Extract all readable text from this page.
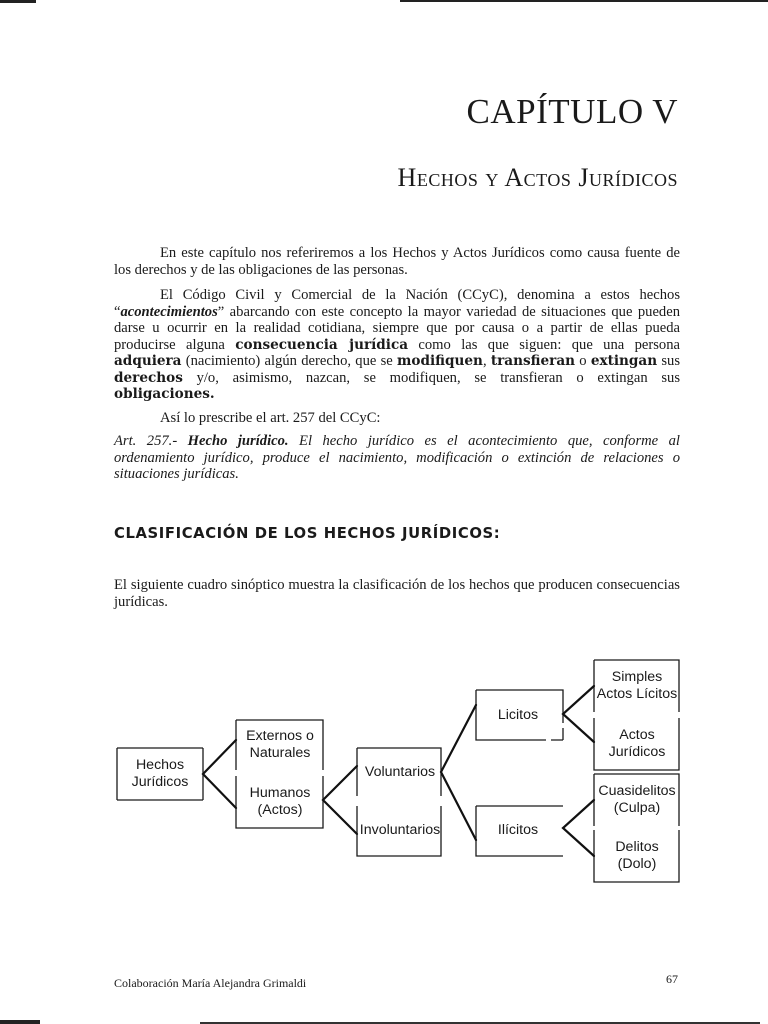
CAPÍTULO V
Hechos y Actos Jurídicos

En este capítulo nos referiremos a los Hechos y Actos Jurídicos como causa fuente de los derechos y de las obligaciones de las personas.

El Código Civil y Comercial de la Nación (CCyC), denomina a estos hechos “acontecimientos” abarcando con este concepto la mayor variedad de situaciones que pueden darse u ocurrir en la realidad cotidiana, siempre que por causa o a partir de ellas pueda producirse alguna consecuencia jurídica como las que siguen: que una persona adquiera (nacimiento) algún derecho, que se modifiquen, transfieran o extingan sus derechos y/o, asimismo, nazcan, se modifiquen, se transfieran o extingan sus obligaciones.

Así lo prescribe el art. 257 del CCyC:

Art. 257.- Hecho jurídico. El hecho jurídico es el acontecimiento que, conforme al ordenamiento jurídico, produce el nacimiento, modificación o extinción de relaciones o situaciones jurídicas.

CLASIFICACIÓN DE LOS HECHOS JURÍDICOS:

El siguiente cuadro sinóptico muestra la clasificación de los hechos que producen consecuencias jurídicas.

Hechos Jurídicos
Externos o Naturales
Humanos (Actos)
Voluntarios
Involuntarios
Licitos
Ilícitos
Simples Actos Lícitos
Actos Jurídicos
Cuasidelitos (Culpa)
Delitos (Dolo)
Colaboración María Alejandra Grimaldi	67
